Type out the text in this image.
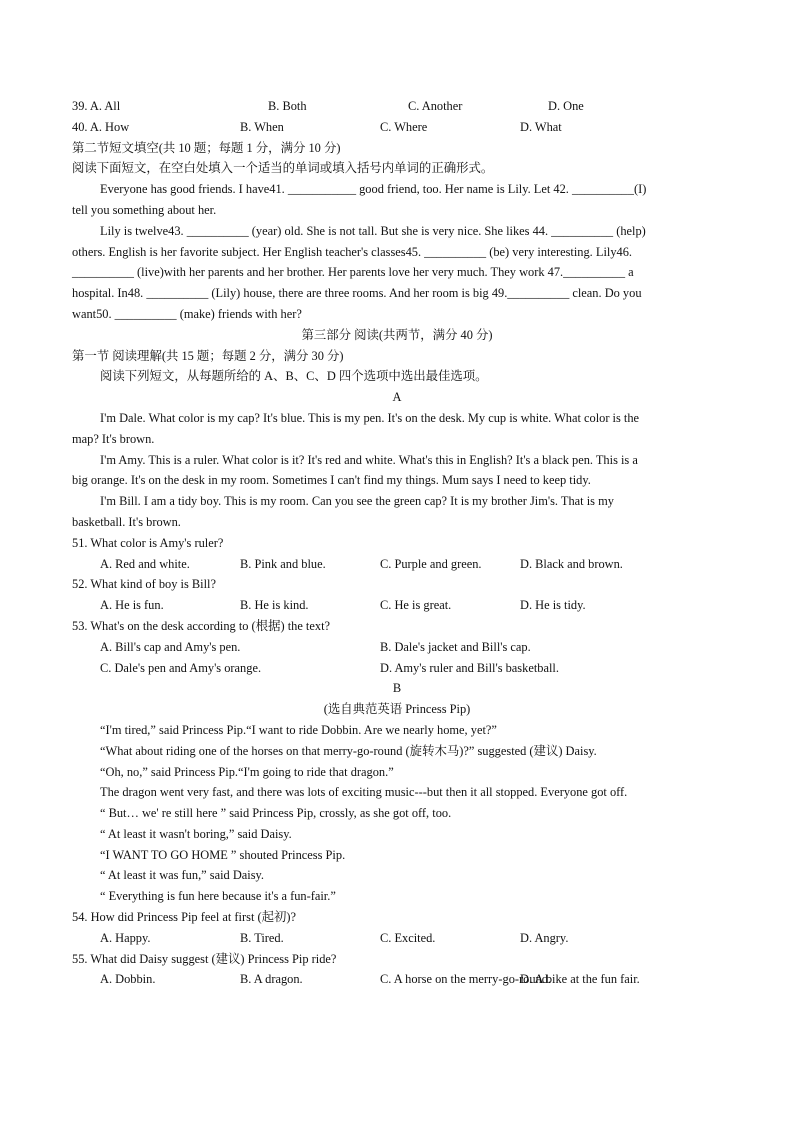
39. A. All	B. Both	C. Another	D. One
40. A. How	B. When	C. Where	D. What
第二节短文填空(共 10 题；每题 1 分，满分 10 分)
阅读下面短文，在空白处填入一个适当的单词或填入括号内单词的正确形式。
Everyone has good friends. I have41. ___________ good friend, too. Her name is Lily. Let 42. __________(I)
tell you something about her.
Lily is twelve43. __________ (year) old. She is not tall. But she is very nice. She likes 44. __________ (help)
others. English is her favorite subject. Her English teacher's classes45. __________ (be) very interesting. Lily46.
__________ (live)with her parents and her brother. Her parents love her very much. They work 47.__________ a
hospital. In48. __________ (Lily) house, there are three rooms. And her room is big 49.__________ clean. Do you
want50. __________ (make) friends with her?
第三部分 阅读(共两节，满分 40 分)
第一节 阅读理解(共 15 题；每题 2 分，满分 30 分)
阅读下列短文，从每题所给的 A、B、C、D 四个选项中选出最佳选项。
A
I'm Dale. What color is my cap? It's blue. This is my pen. It's on the desk. My cup is white. What color is the
map? It's brown.
I'm Amy. This is a ruler. What color is it? It's red and white. What's this in English? It's a black pen. This is a
big orange. It's on the desk in my room. Sometimes I can't find my things. Mum says I need to keep tidy.
I'm Bill. I am a tidy boy. This is my room. Can you see the green cap? It is my brother Jim's. That is my
basketball. It's brown.
51. What color is Amy's ruler?
A. Red and white.	B. Pink and blue.	C. Purple and green.	D. Black and brown.
52. What kind of boy is Bill?
A. He is fun.	B. He is kind.	C. He is great.	D. He is tidy.
53. What's on the desk according to (根据) the text?
A. Bill's cap and Amy's pen.	B. Dale's jacket and Bill's cap.
C. Dale's pen and Amy's orange.	D. Amy's ruler and Bill's basketball.
B
(选自典范英语 Princess Pip)
“I'm tired,” said Princess Pip.“I want to ride Dobbin. Are we nearly home, yet?”
“What about riding one of the horses on that merry-go-round (旋转木马)?” suggested (建议) Daisy.
“Oh, no,” said Princess Pip.“I'm going to ride that dragon.”
The dragon went very fast, and there was lots of exciting music---but then it all stopped. Everyone got off.
“ But… we' re still here ” said Princess Pip, crossly, as she got off, too.
“ At least it wasn't boring,” said Daisy.
“I WANT TO GO HOME ” shouted Princess Pip.
“ At least it was fun,” said Daisy.
“ Everything is fun here because it's a fun-fair.”
54. How did Princess Pip feel at first (起初)?
A. Happy.	B. Tired.	C. Excited.	D. Angry.
55. What did Daisy suggest (建议) Princess Pip ride?
A. Dobbin.	B. A dragon.	C. A horse on the merry-go-round.
D. A bike at the fun fair.
